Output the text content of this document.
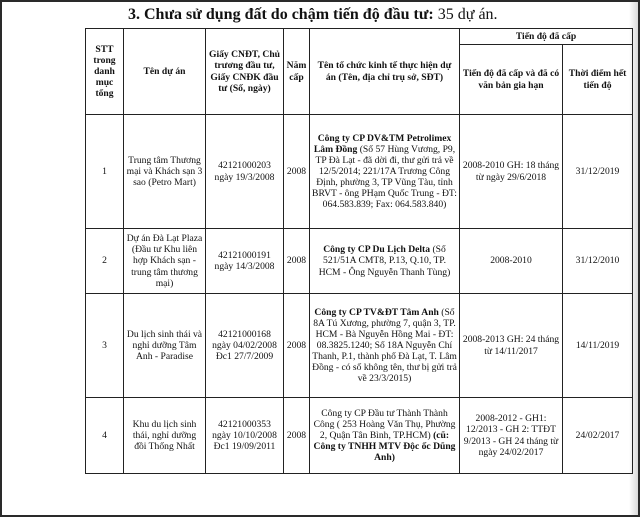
3. Chưa sử dụng đất do chậm tiến độ đầu tư: 35 dự án.
STT trong danh mục tổng	Tên dự án	Giấy CNĐT, Chủ trương đầu tư, Giấy CNĐK đầu tư (Số, ngày)	Năm cấp	Tên tổ chức kinh tế thực hiện dự án (Tên, địa chỉ trụ sở, SĐT)	Tiến độ đã cấp	
					Tiến độ đã cấp và đã có văn bản gia hạn	Thời điểm hết tiến độ
1	Trung tâm Thương mại và Khách sạn 3 sao (Petro Mart)	42121000203 ngày 19/3/2008	2008	Công ty CP DV&TM Petrolimex Lâm Đồng (Số 57 Hùng Vương, P9, TP Đà Lạt - đã dời đi, thư gửi trả về 12/5/2014; 221/17A Trương Công Định, phường 3, TP Vũng Tàu, tỉnh BRVT - ông PHạm Quốc Trung - ĐT: 064.583.839; Fax: 064.583.840)	2008-2010 GH: 18 tháng từ ngày 29/6/2018	31/12/2019
2	Dự án Đà Lạt Plaza (Đầu tư Khu liên hợp Khách sạn - trung tâm thương mại)	42121000191 ngày 14/3/2008	2008	Công ty CP Du Lịch Delta (Số 521/51A CMT8, P.13, Q.10, TP. HCM - Ông Nguyễn Thanh Tùng)	2008-2010	31/12/2010
3	Du lịch sinh thái và nghỉ dưỡng Tâm Anh - Paradise	42121000168 ngày 04/02/2008 Đc1 27/7/2009	2008	Công ty CP TV&ĐT Tâm Anh (Số 8A Tú Xương, phường 7, quận 3, TP. HCM - Bà Nguyễn Hồng Mai - ĐT: 08.3825.1240; Số 18A Nguyễn Chí Thanh, P.1, thành phố Đà Lạt, T. Lâm Đồng - có số không tên, thư bị gửi trả về 23/3/2015)	2008-2013 GH: 24 tháng từ 14/11/2017	14/11/2019
4	Khu du lịch sinh thái, nghỉ dưỡng đồi Thống Nhất	42121000353 ngày 10/10/2008 Đc1 19/09/2011	2008	Công ty CP Đầu tư Thành Thành Công ( 253 Hoàng Văn Thụ, Phường 2, Quận Tân Bình, TP.HCM) (cũ: Công ty TNHH MTV Độc ốc Dũng Anh)	2008-2012 - GH1: 12/2013 - GH 2: TTĐT 9/2013 - GH 24 tháng từ ngày 24/02/2017	24/02/2017
